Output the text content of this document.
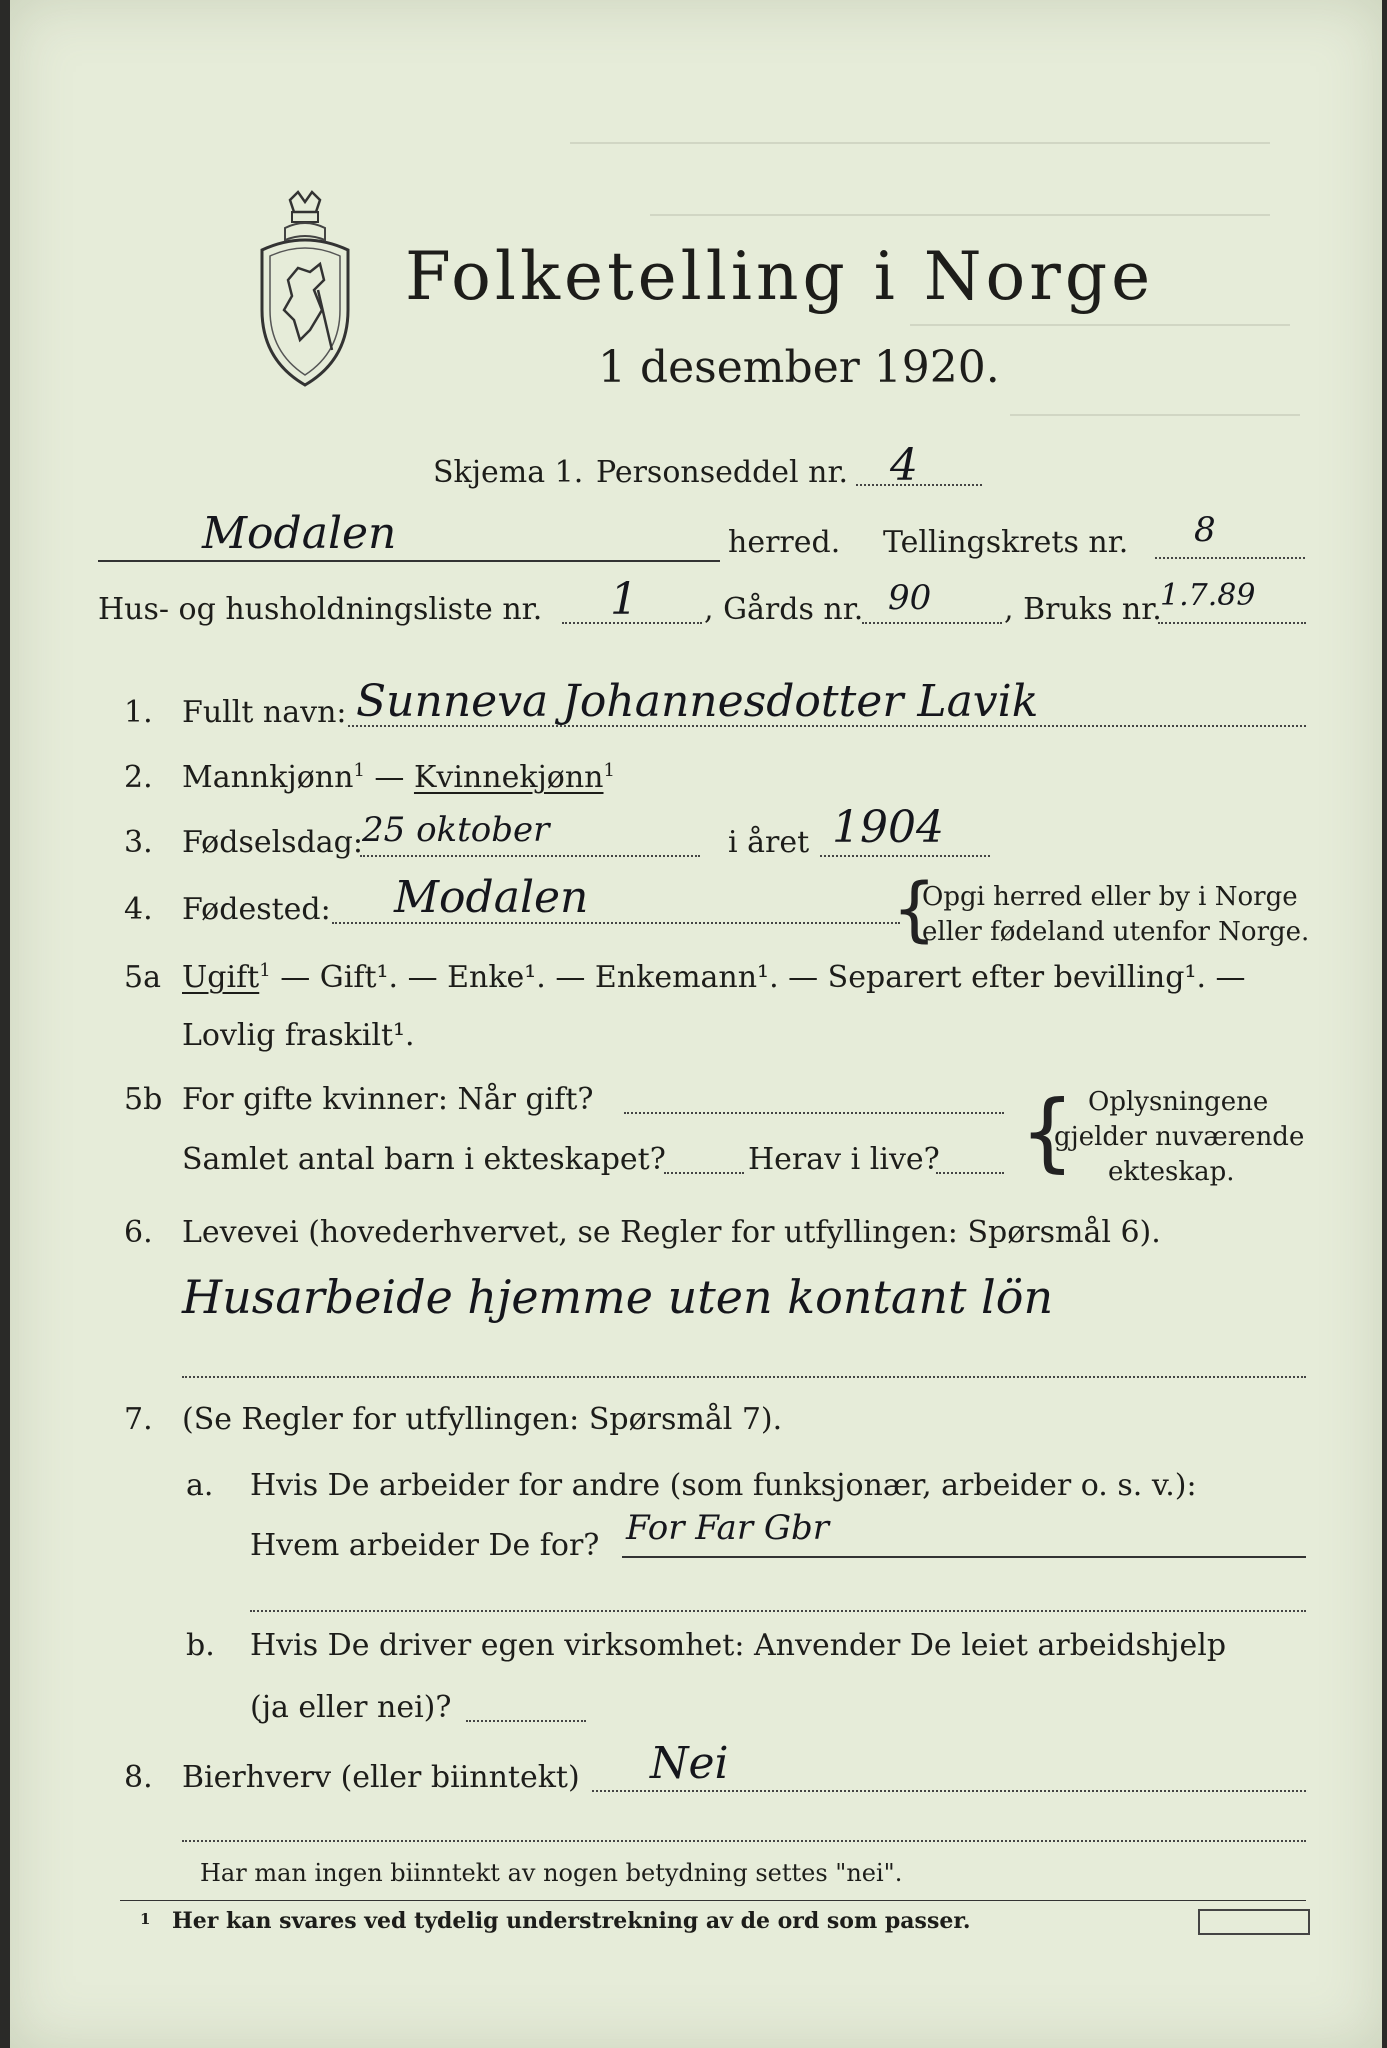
Folketelling i Norge
1 desember 1920.
Skjema 1. Personseddel nr. 4
Modalen	herred. Tellingskrets nr. 8
Hus- og husholdningsliste nr. 1 , Gårds nr. 90 , Bruks nr.
1.7.89
1. Fullt navn: Sunneva Johannesdotter Lavik
2. Mannkjønn$^1$ — Kvinnekjønn$^1$
3. Fødselsdag: 25 oktober	i året 1904
4. Fødested: Modalen	{
Opgi herred eller by i Norge
eller fødeland utenfor Norge.
5a Ugift$^1$ — Gift¹. — Enke¹. — Enkemann¹. — Separert efter bevilling¹. —
Lovlig fraskilt¹.
5b For gifte kvinner: Når gift?
Samlet antal barn i ekteskapet?	Herav i live? { Oplysningene
gjelder nuværende
ekteskap.
6. Levevei (hovederhvervet, se Regler for utfyllingen: Spørsmål 6).
Husarbeide hjemme uten kontant lön
7. (Se Regler for utfyllingen: Spørsmål 7).
a. Hvis De arbeider for andre (som funksjonær, arbeider o. s. v.):
Hvem arbeider De for? For Far Gbr
b. Hvis De driver egen virksomhet: Anvender De leiet arbeidshjelp
(ja eller nei)?
8. Bierhverv (eller biinntekt) Nei
Har man ingen biinntekt av nogen betydning settes "nei".
1 Her kan svares ved tydelig understrekning av de ord som passer.
